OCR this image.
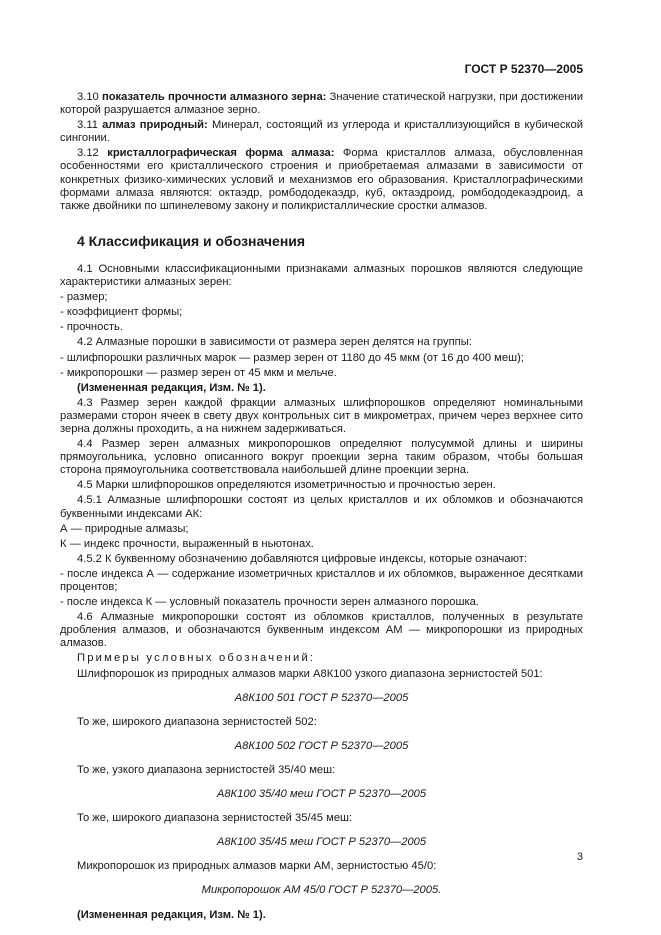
ГОСТ Р 52370—2005

3.10 показатель прочности алмазного зерна: Значение статической нагрузки, при достижении которой разрушается алмазное зерно.

3.11 алмаз природный: Минерал, состоящий из углерода и кристаллизующийся в кубической сингонии.

3.12 кристаллографическая форма алмаза: Форма кристаллов алмаза, обусловленная особенностями его кристаллического строения и приобретаемая алмазами в зависимости от конкретных физико-химических условий и механизмов его образования. Кристаллографическими формами алмаза являются: октаэдр, ромбододекаэдр, куб, октаэдроид, ромбододекаэдроид, а также двойники по шпинелевому закону и поликристаллические сростки алмазов.

4 Классификация и обозначения

4.1 Основными классификационными признаками алмазных порошков являются следующие характеристики алмазных зерен:

- размер;
- коэффициент формы;
- прочность.

4.2 Алмазные порошки в зависимости от размера зерен делятся на группы:

- шлифпорошки различных марок — размер зерен от 1180 до 45 мкм (от 16 до 400 меш);
- микропорошки — размер зерен от 45 мкм и мельче.

(Измененная редакция, Изм. № 1).

4.3 Размер зерен каждой фракции алмазных шлифпорошков определяют номинальными размерами сторон ячеек в свету двух контрольных сит в микрометрах, причем через верхнее сито зерна должны проходить, а на нижнем задерживаться.

4.4 Размер зерен алмазных микропорошков определяют полусуммой длины и ширины прямоугольника, условно описанного вокруг проекции зерна таким образом, чтобы большая сторона прямоугольника соответствовала наибольшей длине проекции зерна.

4.5 Марки шлифпорошков определяются изометричностью и прочностью зерен.

4.5.1 Алмазные шлифпорошки состоят из целых кристаллов и их обломков и обозначаются буквенными индексами АК:

А — природные алмазы;
К — индекс прочности, выраженный в ньютонах.

4.5.2 К буквенному обозначению добавляются цифровые индексы, которые означают:

- после индекса А — содержание изометричных кристаллов и их обломков, выраженное десятками процентов;
- после индекса К — условный показатель прочности зерен алмазного порошка.

4.6 Алмазные микропорошки состоят из обломков кристаллов, полученных в результате дробления алмазов, и обозначаются буквенным индексом АМ — микропорошки из природных алмазов.

Примеры условных обозначений:

Шлифпорошок из природных алмазов марки А8К100 узкого диапазона зернистостей 501:

А8К100 501 ГОСТ Р 52370—2005

То же, широкого диапазона зернистостей 502:

А8К100 502 ГОСТ Р 52370—2005

То же, узкого диапазона зернистостей 35/40 меш:

А8К100 35/40 меш ГОСТ Р 52370—2005

То же, широкого диапазона зернистостей 35/45 меш:

А8К100 35/45 меш ГОСТ Р 52370—2005

Микропорошок из природных алмазов марки АМ, зернистостью 45/0:

Микропорошок АМ 45/0 ГОСТ Р 52370—2005.

(Измененная редакция, Изм. № 1).

3
